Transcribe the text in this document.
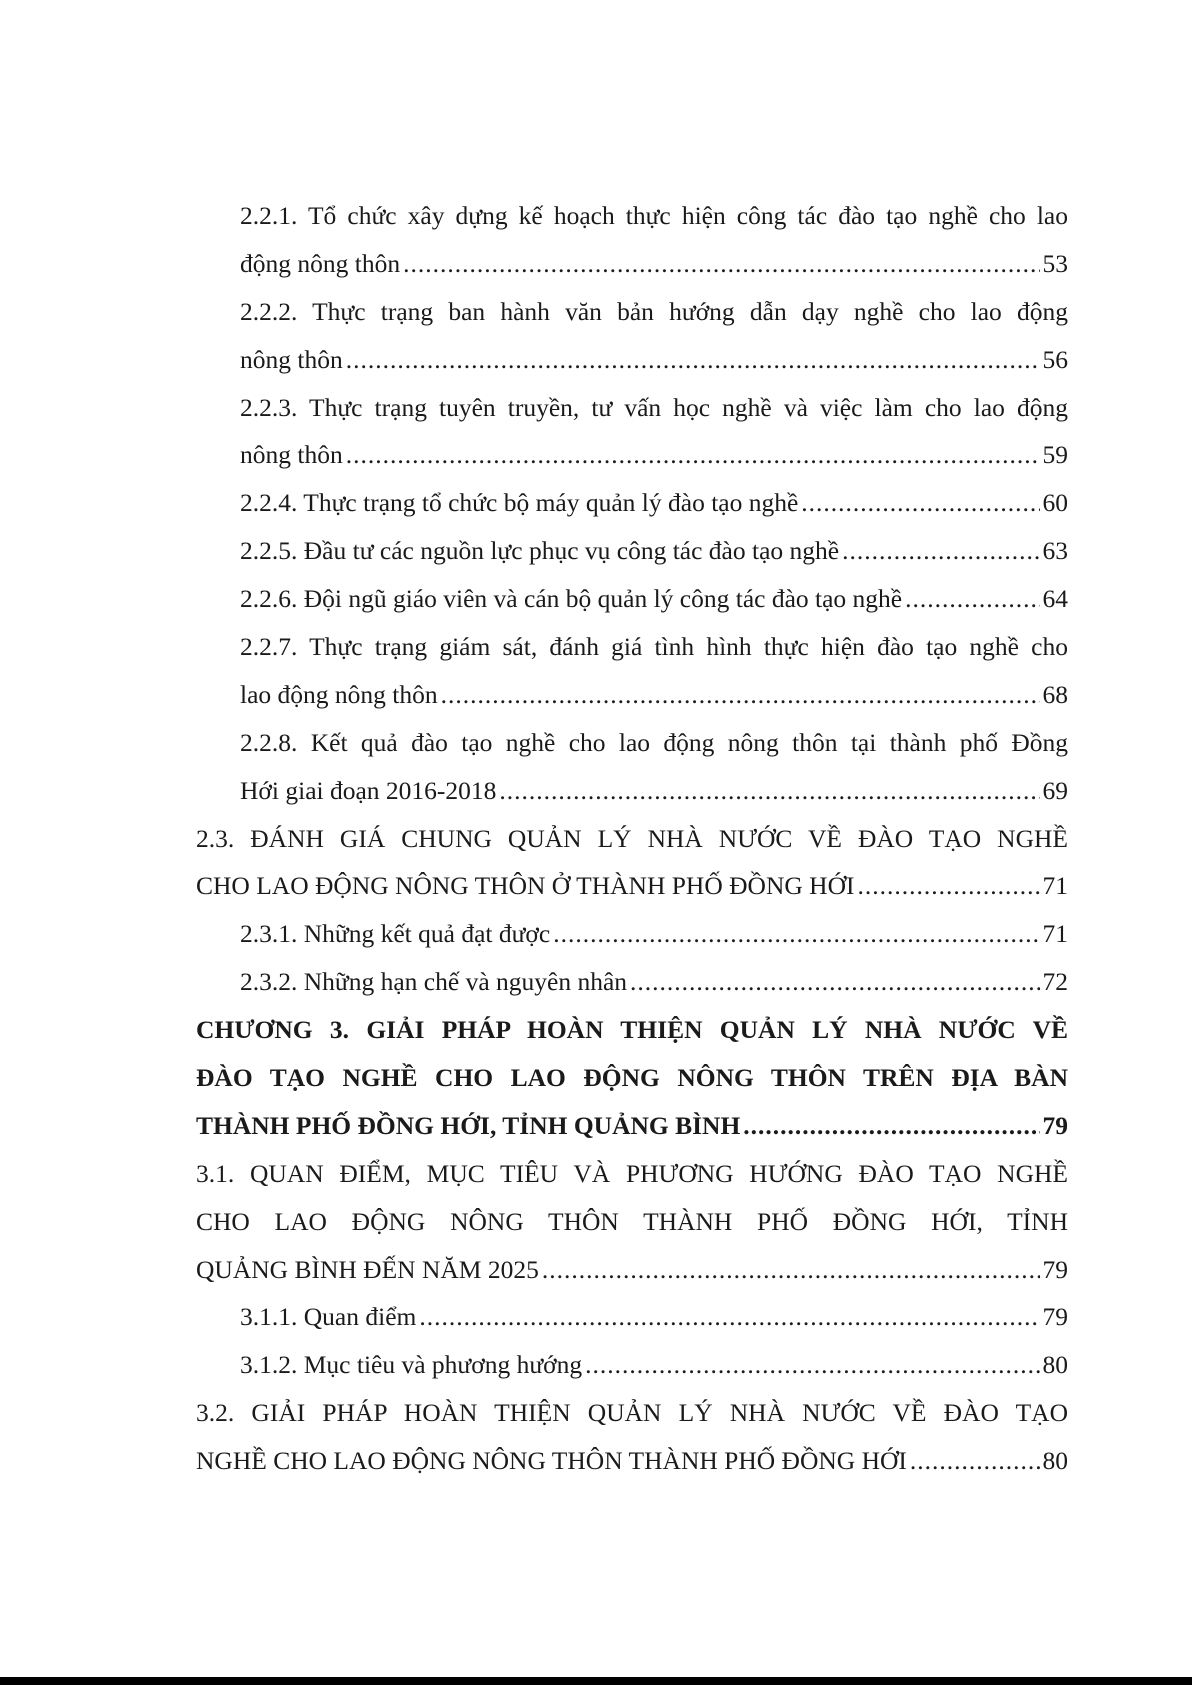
2.2.1. Tổ chức xây dựng kế hoạch thực hiện công tác đào tạo nghề cho lao
động nông thôn .....	53
2.2.2. Thực trạng ban hành văn bản hướng dẫn dạy nghề cho lao động
nông thôn .....	56
2.2.3. Thực trạng tuyên truyền, tư vấn học nghề và việc làm cho lao động
nông thôn .....	59
2.2.4. Thực trạng tổ chức bộ máy quản lý đào tạo nghề .....	60
2.2.5. Đầu tư các nguồn lực phục vụ công tác đào tạo nghề .....	63
2.2.6. Đội ngũ giáo viên và cán bộ quản lý công tác đào tạo nghề .....	64
2.2.7. Thực trạng giám sát, đánh giá tình hình thực hiện đào tạo nghề cho
lao động nông thôn .....	68
2.2.8. Kết quả đào tạo nghề cho lao động nông thôn tại thành phố Đồng
Hới giai đoạn 2016-2018 .....	69
2.3. ĐÁNH GIÁ CHUNG QUẢN LÝ NHÀ NƯỚC VỀ ĐÀO TẠO NGHỀ
CHO LAO ĐỘNG NÔNG THÔN Ở THÀNH PHỐ ĐỒNG HỚI .....	71
2.3.1. Những kết quả đạt được .....	71
2.3.2. Những hạn chế và nguyên nhân .....	72
CHƯƠNG 3. GIẢI PHÁP HOÀN THIỆN QUẢN LÝ NHÀ NƯỚC VỀ
ĐÀO TẠO NGHỀ CHO LAO ĐỘNG NÔNG THÔN TRÊN ĐỊA BÀN
THÀNH PHỐ ĐỒNG HỚI, TỈNH QUẢNG BÌNH .....	79
3.1. QUAN ĐIỂM, MỤC TIÊU VÀ PHƯƠNG HƯỚNG ĐÀO TẠO NGHỀ
CHO LAO ĐỘNG NÔNG THÔN THÀNH PHỐ ĐỒNG HỚI, TỈNH
QUẢNG BÌNH ĐẾN NĂM 2025 .....	79
3.1.1. Quan điểm .....	79
3.1.2. Mục tiêu và phương hướng .....	80
3.2. GIẢI PHÁP HOÀN THIỆN QUẢN LÝ NHÀ NƯỚC VỀ ĐÀO TẠO
NGHỀ CHO LAO ĐỘNG NÔNG THÔN THÀNH PHỐ ĐỒNG HỚI .....	80
